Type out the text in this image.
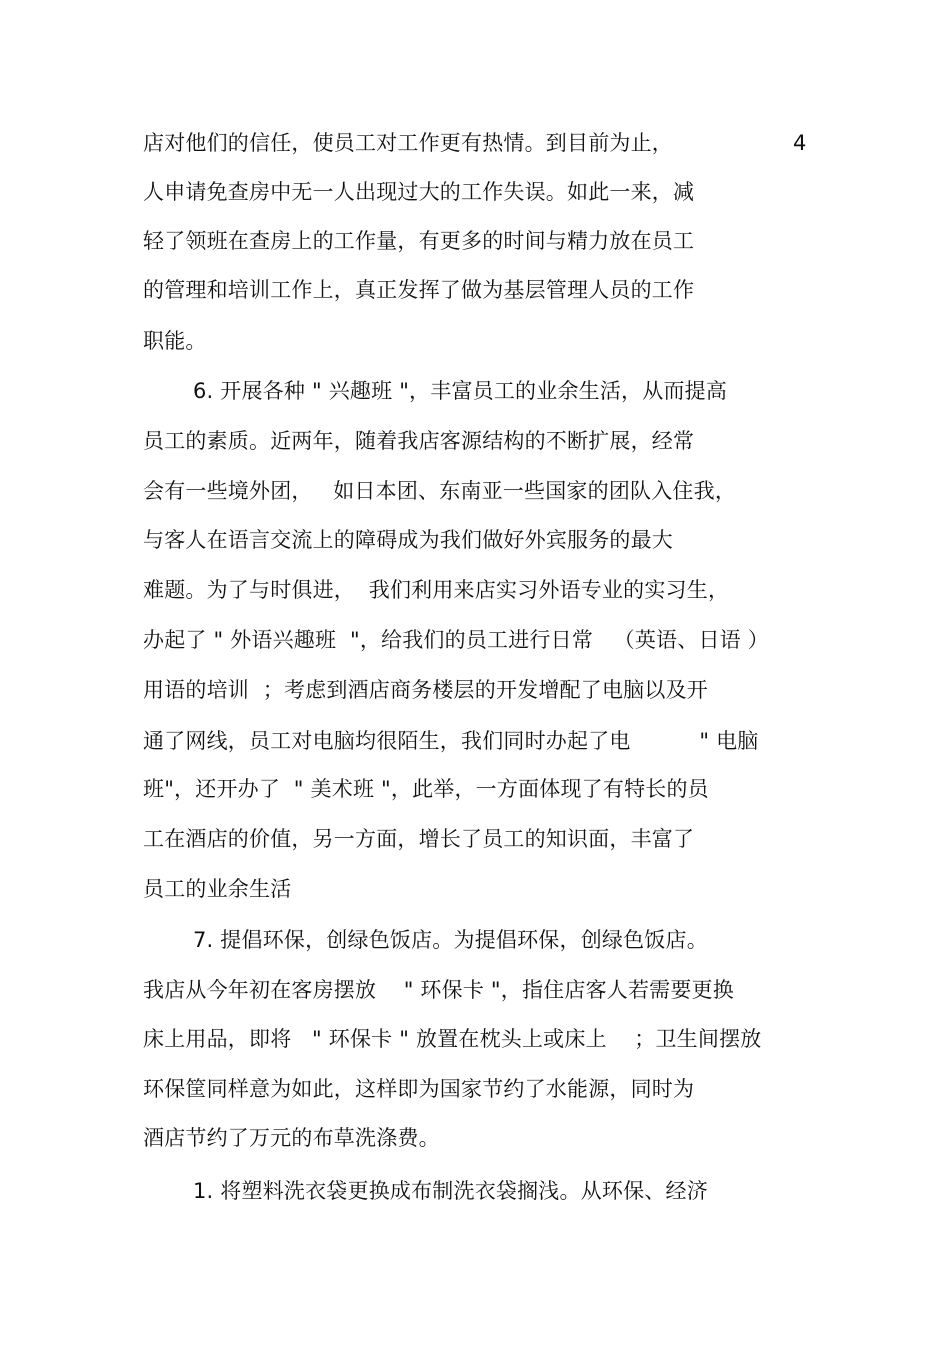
4
店对他们的信任，使员工对工作更有热情。到目前为止，
人申请免查房中无一人出现过大的工作失误。如此一来，减
轻了领班在查房上的工作量，有更多的时间与精力放在员工
的管理和培训工作上，真正发挥了做为基层管理人员的工作
职能。
6. 开展各种 " 兴趣班 "，丰富员工的业余生活，从而提高
员工的素质。近两年，随着我店客源结构的不断扩展，经常
会有一些境外团，   如日本团、东南亚一些国家的团队入住我，
与客人在语言交流上的障碍成为我们做好外宾服务的最大
难题。为了与时俱进，  我们利用来店实习外语专业的实习生，
办起了 " 外语兴趣班  "，给我们的员工进行日常   （英语、日语 ）
用语的培训  ；考虑到酒店商务楼层的开发增配了电脑以及开
通了网线，员工对电脑均很陌生，我们同时办起了电          " 电脑
班"，还开办了  " 美术班 "，此举，一方面体现了有特长的员
工在酒店的价值，另一方面，增长了员工的知识面，丰富了
员工的业余生活
7. 提倡环保，创绿色饭店。为提倡环保，创绿色饭店。
我店从今年初在客房摆放    " 环保卡 "，指住店客人若需要更换
床上用品，即将   " 环保卡 " 放置在枕头上或床上    ；卫生间摆放
环保筐同样意为如此，这样即为国家节约了水能源，同时为
酒店节约了万元的布草洗涤费。
1. 将塑料洗衣袋更换成布制洗衣袋搁浅。从环保、经济
